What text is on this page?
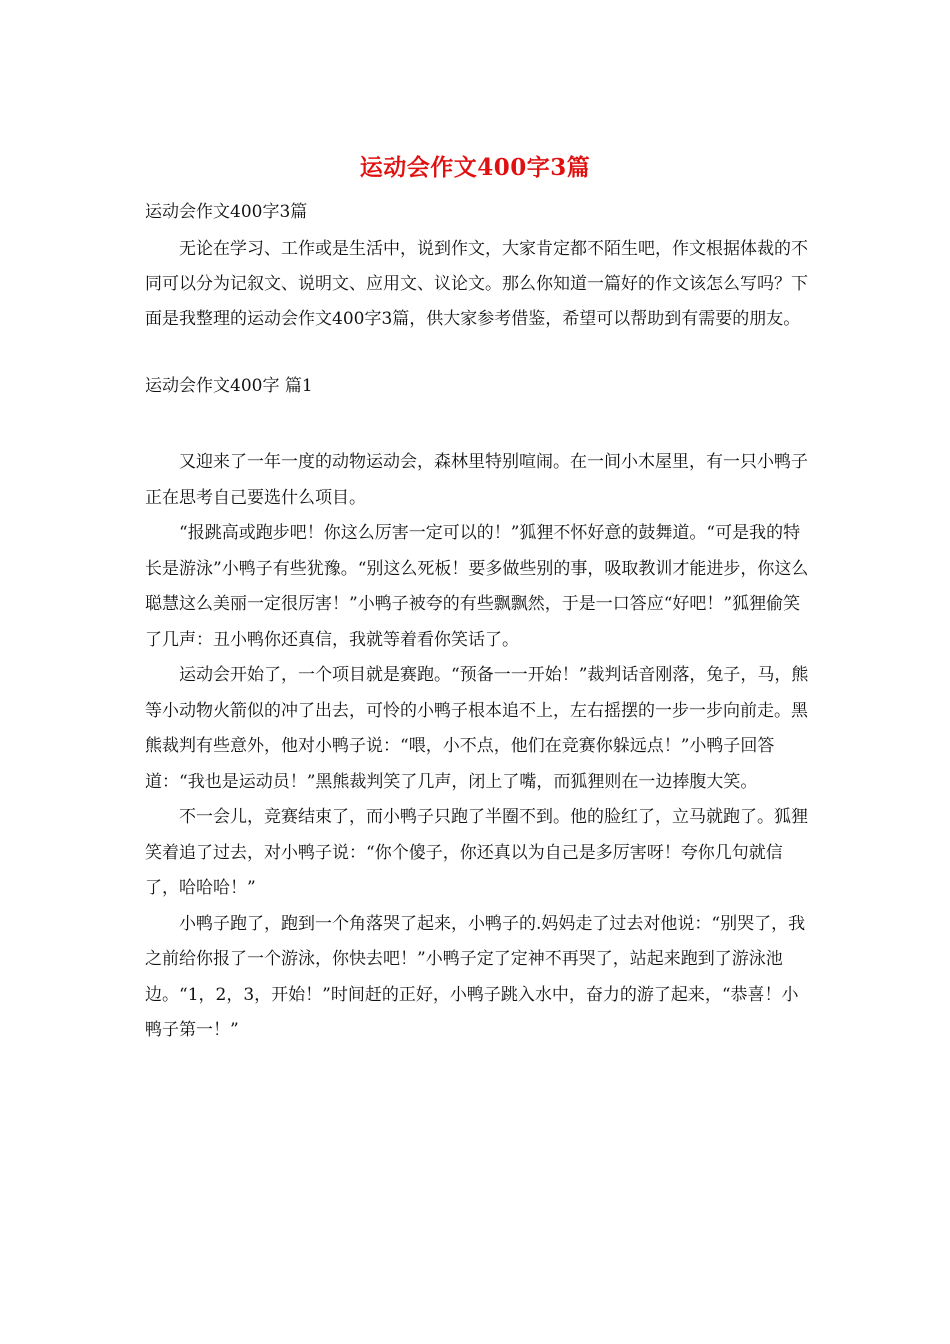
运动会作文400字3篇

运动会作文400字3篇

无论在学习、工作或是生活中，说到作文，大家肯定都不陌生吧，作文根据体裁的不同可以分为记叙文、说明文、应用文、议论文。那么你知道一篇好的作文该怎么写吗？下面是我整理的运动会作文400字3篇，供大家参考借鉴，希望可以帮助到有需要的朋友。

运动会作文400字 篇1

又迎来了一年一度的动物运动会，森林里特别喧闹。在一间小木屋里，有一只小鸭子正在思考自己要选什么项目。

“报跳高或跑步吧！你这么厉害一定可以的！”狐狸不怀好意的鼓舞道。“可是我的特长是游泳”小鸭子有些犹豫。“别这么死板！要多做些别的事，吸取教训才能进步，你这么聪慧这么美丽一定很厉害！”小鸭子被夸的有些飘飘然，于是一口答应“好吧！”狐狸偷笑了几声：丑小鸭你还真信，我就等着看你笑话了。

运动会开始了，一个项目就是赛跑。“预备一一开始！”裁判话音刚落，兔子，马，熊等小动物火箭似的冲了出去，可怜的小鸭子根本追不上，左右摇摆的一步一步向前走。黑熊裁判有些意外，他对小鸭子说：“喂，小不点，他们在竞赛你躲远点！”小鸭子回答道：“我也是运动员！”黑熊裁判笑了几声，闭上了嘴，而狐狸则在一边捧腹大笑。

不一会儿，竞赛结束了，而小鸭子只跑了半圈不到。他的脸红了，立马就跑了。狐狸笑着追了过去，对小鸭子说：“你个傻子，你还真以为自己是多厉害呀！夸你几句就信了，哈哈哈！”

小鸭子跑了，跑到一个角落哭了起来，小鸭子的.妈妈走了过去对他说：“别哭了，我之前给你报了一个游泳，你快去吧！”小鸭子定了定神不再哭了，站起来跑到了游泳池边。“1，2，3，开始！”时间赶的正好，小鸭子跳入水中，奋力的游了起来，“恭喜！小鸭子第一！”
